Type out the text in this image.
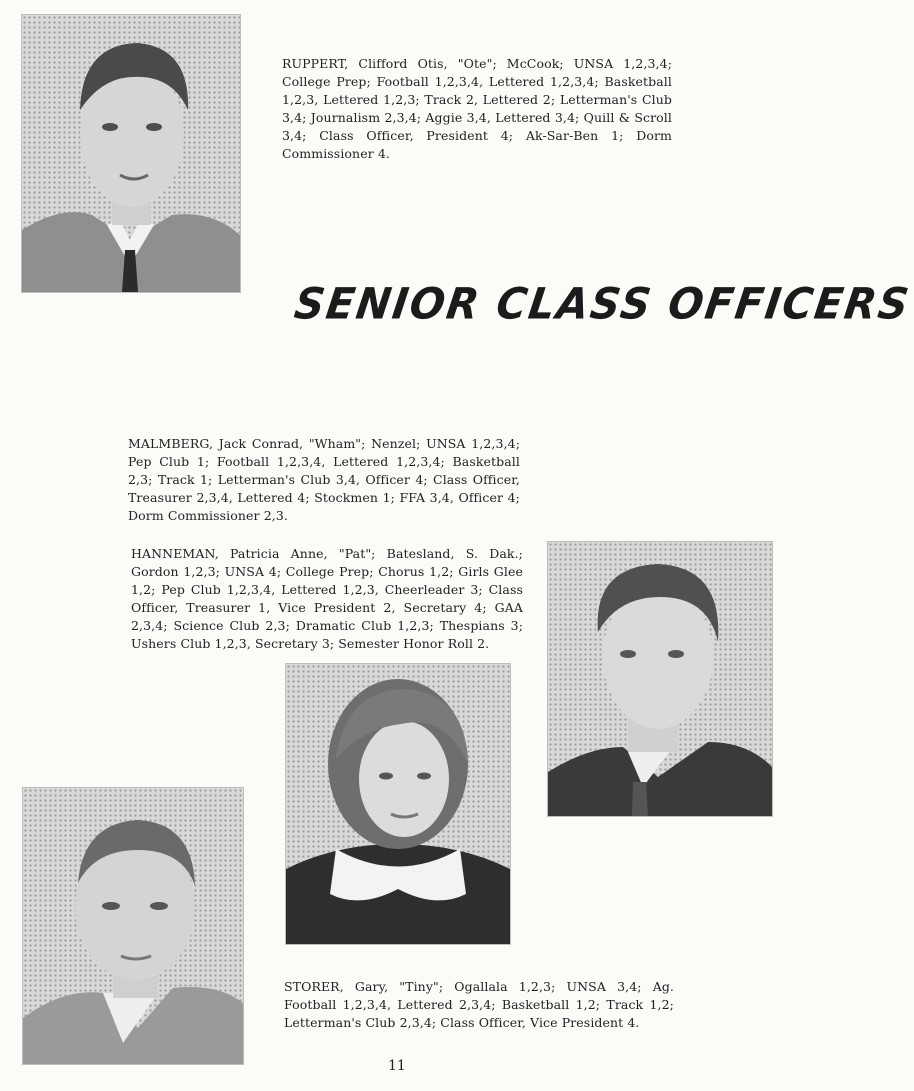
RUPPERT, Clifford Otis, "Ote"; McCook; UNSA 1,2,3,4; College Prep; Football 1,2,3,4, Lettered 1,2,3,4; Basketball 1,2,3, Lettered 1,2,3; Track 2, Lettered 2; Letterman's Club 3,4; Journalism 2,3,4; Aggie 3,4, Lettered 3,4; Quill & Scroll 3,4; Class Officer, President 4; Ak-Sar-Ben 1; Dorm Commissioner 4.

SENIOR CLASS OFFICERS

MALMBERG, Jack Conrad, "Wham"; Nenzel; UNSA 1,2,3,4; Pep Club 1; Football 1,2,3,4, Lettered 1,2,3,4; Basketball 2,3; Track 1; Letterman's Club 3,4, Officer 4; Class Officer, Treasurer 2,3,4, Lettered 4; Stockmen 1; FFA 3,4, Officer 4; Dorm Commissioner 2,3.

HANNEMAN, Patricia Anne, "Pat"; Batesland, S. Dak.; Gordon 1,2,3; UNSA 4; College Prep; Chorus 1,2; Girls Glee 1,2; Pep Club 1,2,3,4, Lettered 1,2,3, Cheerleader 3; Class Officer, Treasurer 1, Vice President 2, Secretary 4; GAA 2,3,4; Science Club 2,3; Dramatic Club 1,2,3; Thespians 3; Ushers Club 1,2,3, Secretary 3; Semester Honor Roll 2.

STORER, Gary, "Tiny"; Ogallala 1,2,3; UNSA 3,4; Ag. Football 1,2,3,4, Lettered 2,3,4; Basketball 1,2; Track 1,2; Letterman's Club 2,3,4; Class Officer, Vice President 4.

11
